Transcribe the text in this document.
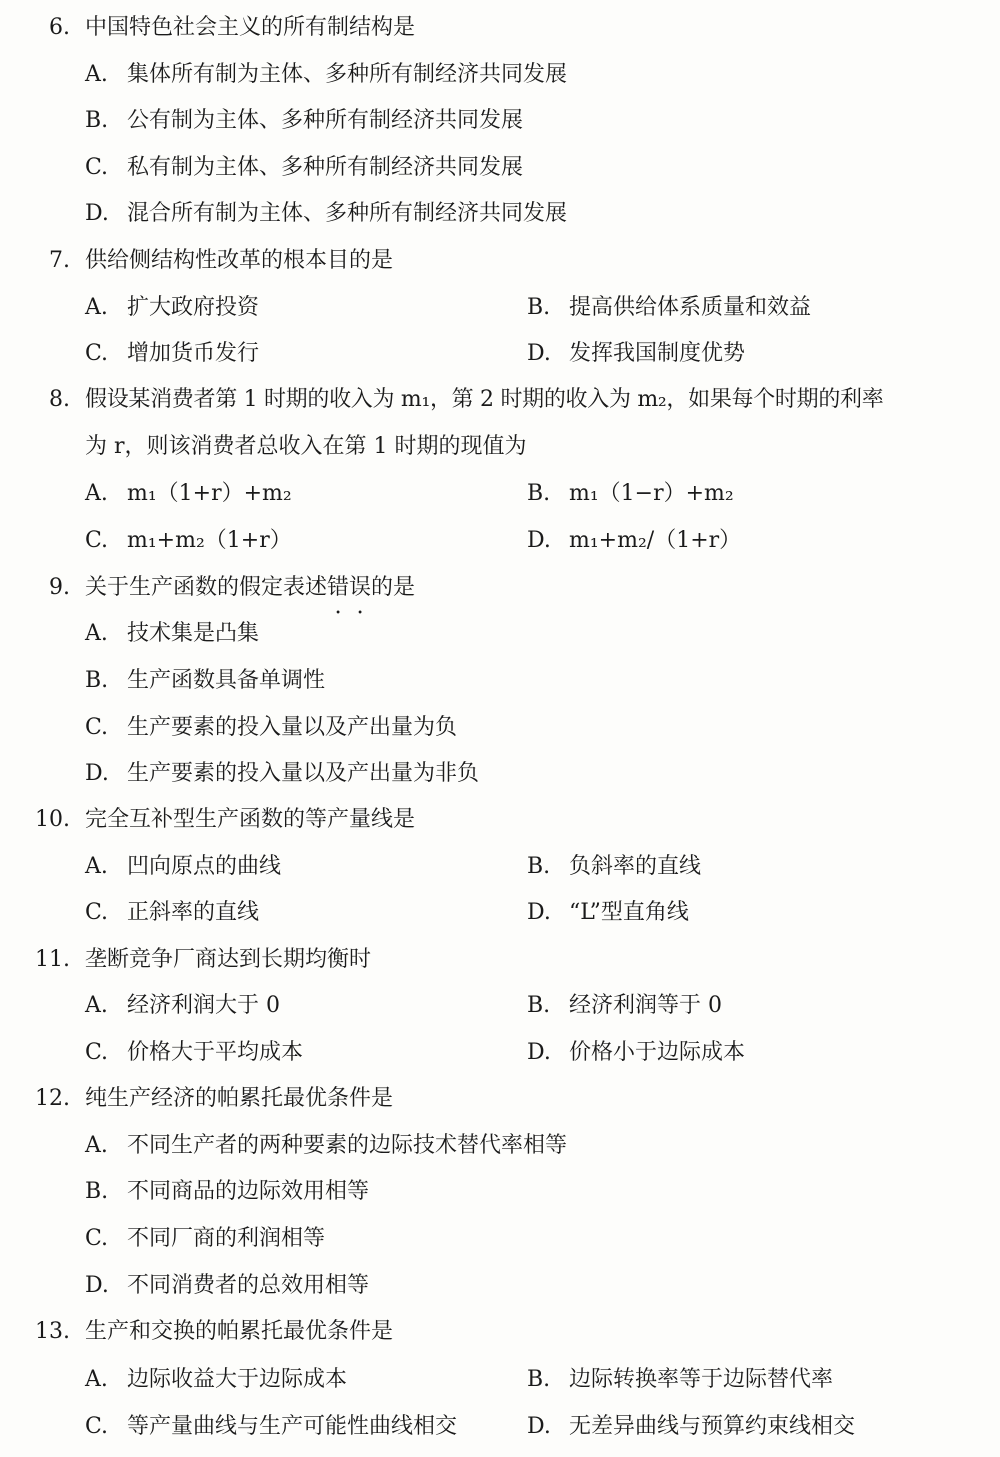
6. 中国特色社会主义的所有制结构是
A. 集体所有制为主体、多种所有制经济共同发展
B. 公有制为主体、多种所有制经济共同发展
C. 私有制为主体、多种所有制经济共同发展
D. 混合所有制为主体、多种所有制经济共同发展
7. 供给侧结构性改革的根本目的是
A. 扩大政府投资	B. 提高供给体系质量和效益
C. 增加货币发行	D. 发挥我国制度优势
8. 假设某消费者第 1 时期的收入为 m₁，第 2 时期的收入为 m₂，如果每个时期的利率
为 r，则该消费者总收入在第 1 时期的现值为
A. m₁（1+r）+m₂	B. m₁（1−r）+m₂
C. m₁+m₂（1+r）	D. m₁+m₂/（1+r）
9. 关于生产函数的假定表述错误的是
A. 技术集是凸集
B. 生产函数具备单调性
C. 生产要素的投入量以及产出量为负
D. 生产要素的投入量以及产出量为非负
10. 完全互补型生产函数的等产量线是
A. 凹向原点的曲线	B. 负斜率的直线
C. 正斜率的直线	D. “L”型直角线
11. 垄断竞争厂商达到长期均衡时
A. 经济利润大于 0	B. 经济利润等于 0
C. 价格大于平均成本	D. 价格小于边际成本
12. 纯生产经济的帕累托最优条件是
A. 不同生产者的两种要素的边际技术替代率相等
B. 不同商品的边际效用相等
C. 不同厂商的利润相等
D. 不同消费者的总效用相等
13. 生产和交换的帕累托最优条件是
A. 边际收益大于边际成本	B. 边际转换率等于边际替代率
C. 等产量曲线与生产可能性曲线相交	D. 无差异曲线与预算约束线相交
